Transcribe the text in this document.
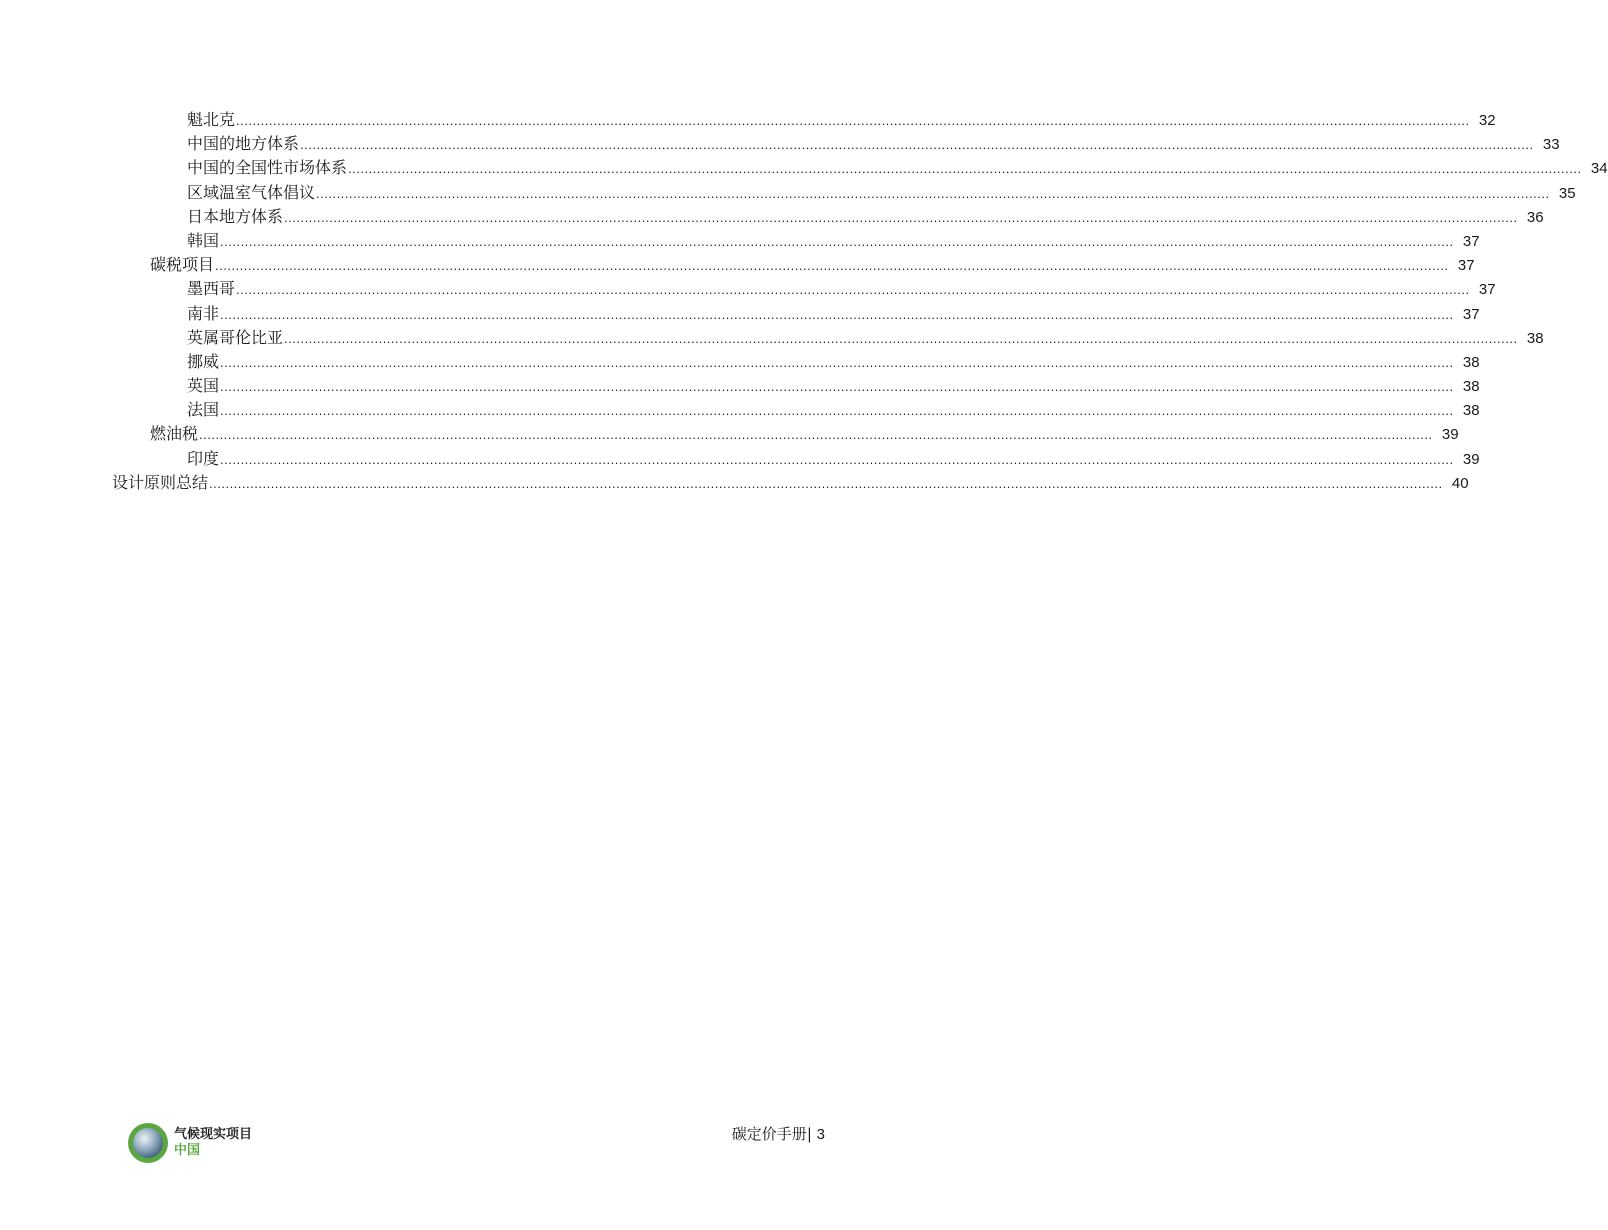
魁北克 ............................................................................................................................................................................................................................................................................................................ 32
中国的地方体系 ............................................................................................................................................................................................................................................................................................................ 33
中国的全国性市场体系 ............................................................................................................................................................................................................................................................................................................ 34
区域温室气体倡议 ............................................................................................................................................................................................................................................................................................................ 35
日本地方体系 ............................................................................................................................................................................................................................................................................................................ 36
韩国 ............................................................................................................................................................................................................................................................................................................ 37
碳税项目 ............................................................................................................................................................................................................................................................................................................ 37
墨西哥 ............................................................................................................................................................................................................................................................................................................ 37
南非 ............................................................................................................................................................................................................................................................................................................ 37
英属哥伦比亚 ............................................................................................................................................................................................................................................................................................................ 38
挪威 ............................................................................................................................................................................................................................................................................................................ 38
英国 ............................................................................................................................................................................................................................................................................................................ 38
法国 ............................................................................................................................................................................................................................................................................................................ 38
燃油税 ............................................................................................................................................................................................................................................................................................................ 39
印度 ............................................................................................................................................................................................................................................................................................................ 39
设计原则总结 ............................................................................................................................................................................................................................................................................................................ 40
气候现实项目
中国
碳定价手册| 3
